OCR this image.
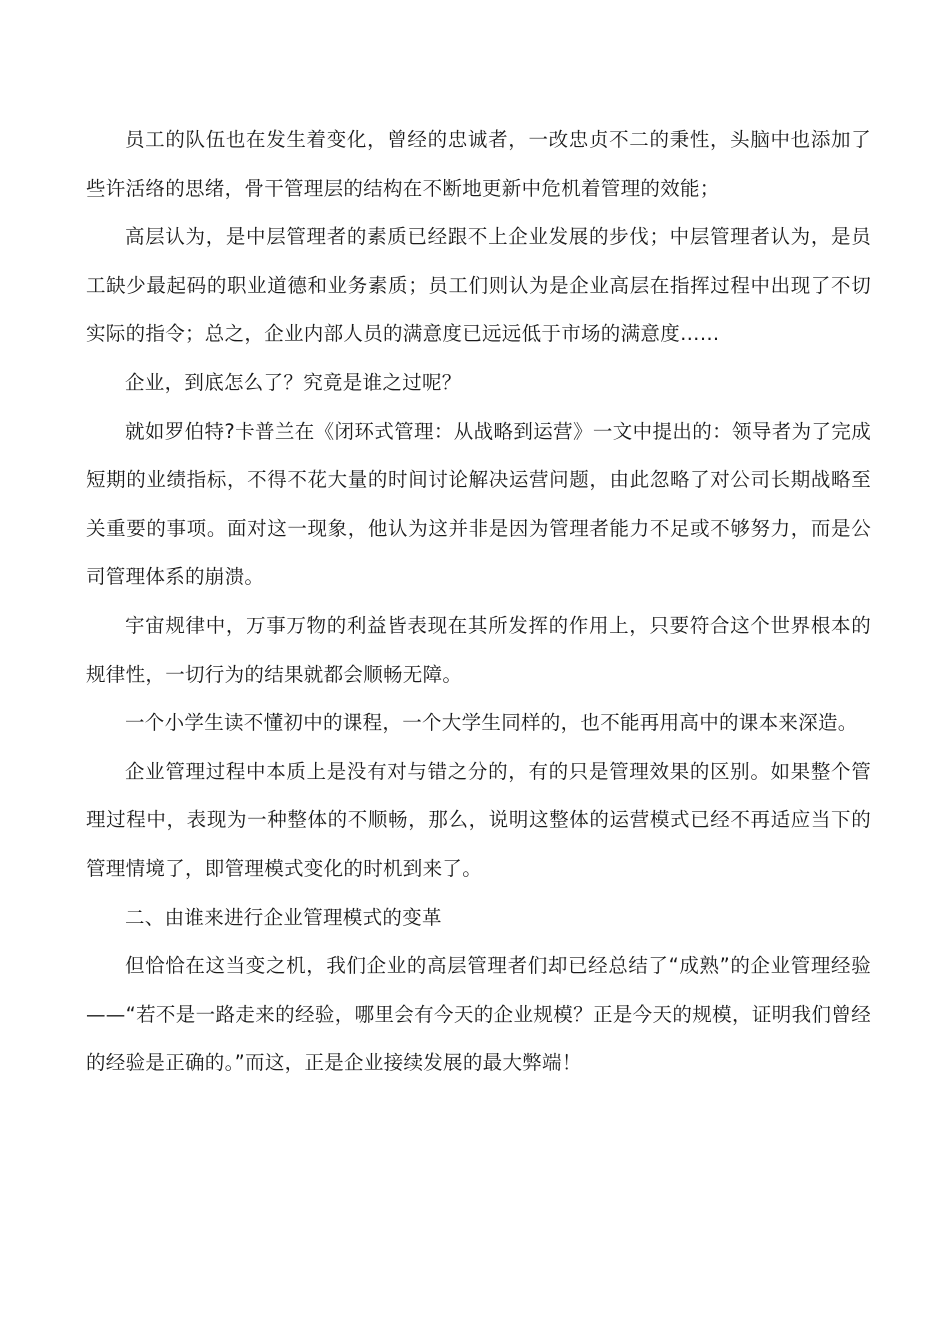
员工的队伍也在发生着变化，曾经的忠诚者，一改忠贞不二的秉性，头脑中也添加了些许活络的思绪，骨干管理层的结构在不断地更新中危机着管理的效能；

高层认为，是中层管理者的素质已经跟不上企业发展的步伐；中层管理者认为，是员工缺少最起码的职业道德和业务素质；员工们则认为是企业高层在指挥过程中出现了不切实际的指令；总之，企业内部人员的满意度已远远低于市场的满意度……

企业，到底怎么了？究竟是谁之过呢？

就如罗伯特?卡普兰在《闭环式管理：从战略到运营》一文中提出的：领导者为了完成短期的业绩指标，不得不花大量的时间讨论解决运营问题，由此忽略了对公司长期战略至关重要的事项。面对这一现象，他认为这并非是因为管理者能力不足或不够努力，而是公司管理体系的崩溃。

宇宙规律中，万事万物的利益皆表现在其所发挥的作用上，只要符合这个世界根本的规律性，一切行为的结果就都会顺畅无障。

一个小学生读不懂初中的课程，一个大学生同样的，也不能再用高中的课本来深造。

企业管理过程中本质上是没有对与错之分的，有的只是管理效果的区别。如果整个管理过程中，表现为一种整体的不顺畅，那么，说明这整体的运营模式已经不再适应当下的管理情境了，即管理模式变化的时机到来了。

二、由谁来进行企业管理模式的变革

但恰恰在这当变之机，我们企业的高层管理者们却已经总结了“成熟”的企业管理经验——“若不是一路走来的经验，哪里会有今天的企业规模？正是今天的规模，证明我们曾经的经验是正确的。”而这，正是企业接续发展的最大弊端！
